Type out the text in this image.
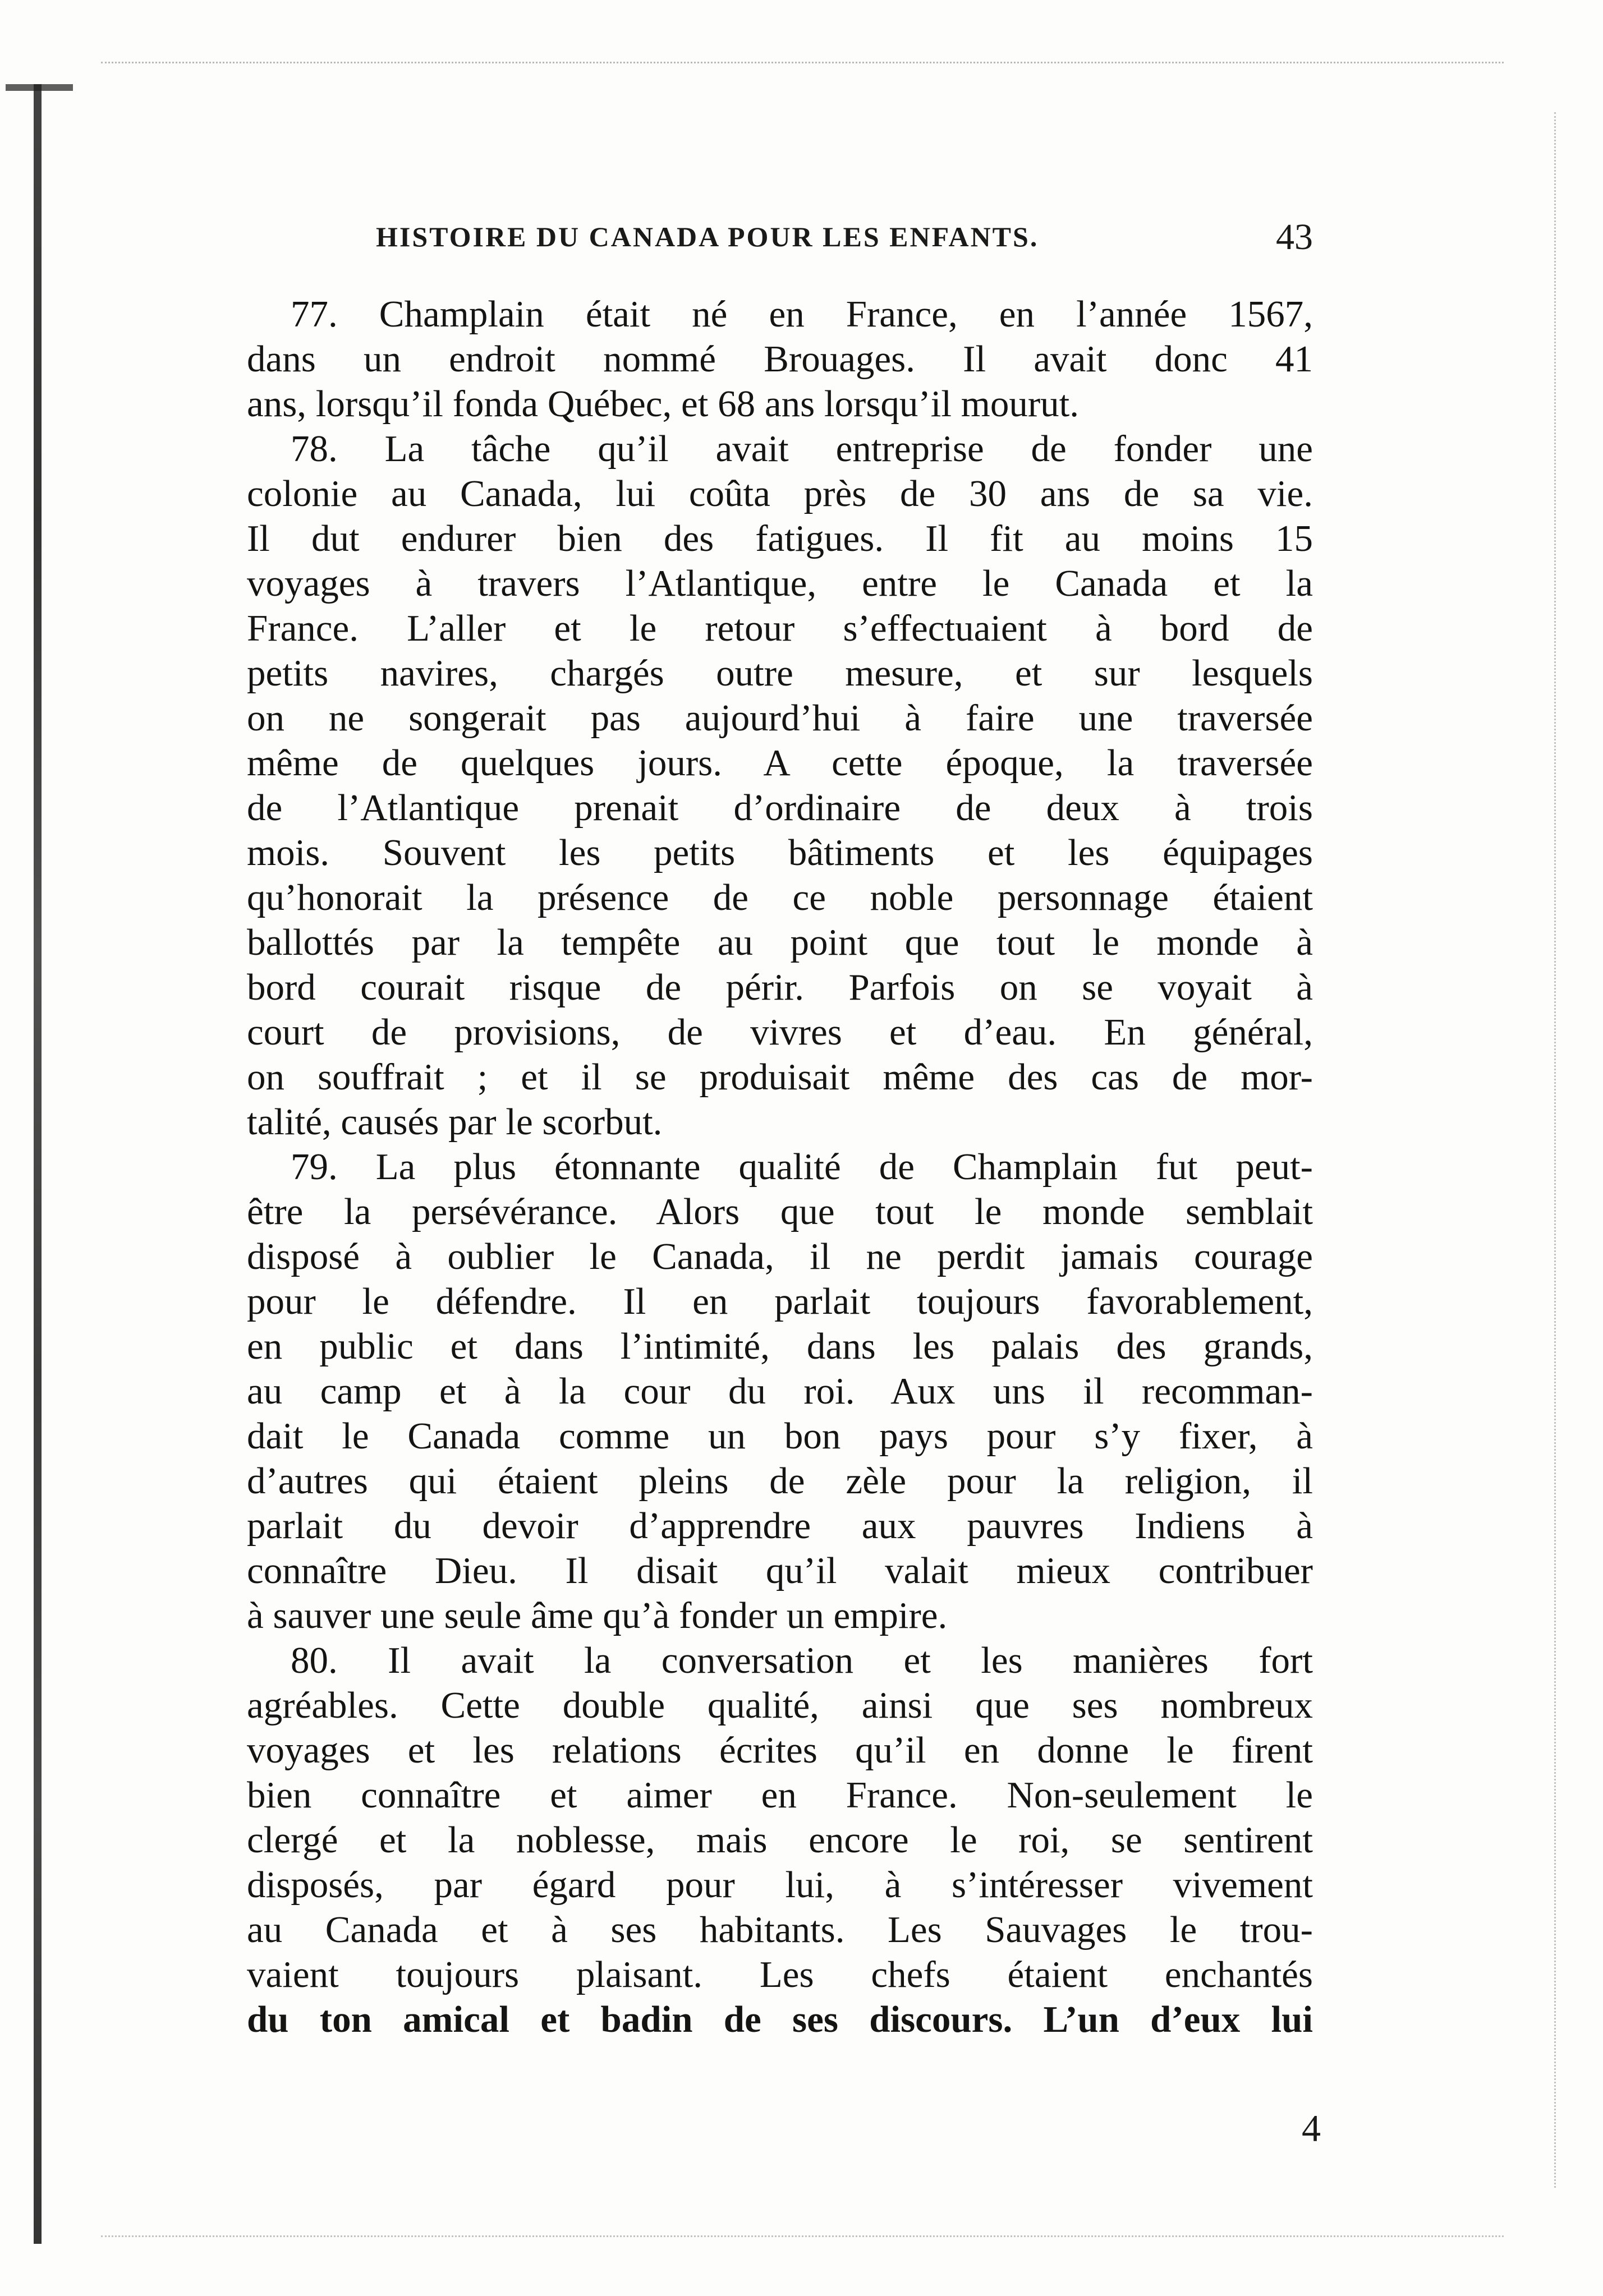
HISTOIRE DU CANADA POUR LES ENFANTS.	43

77. Champlain était né en France, en l’année 1567,

dans un endroit nommé Brouages. Il avait donc 41

ans, lorsqu’il fonda Québec, et 68 ans lorsqu’il mourut.

78. La tâche qu’il avait entreprise de fonder une

colonie au Canada, lui coûta près de 30 ans de sa vie.

Il dut endurer bien des fatigues. Il fit au moins 15

voyages à travers l’Atlantique, entre le Canada et la

France. L’aller et le retour s’effectuaient à bord de

petits navires, chargés outre mesure, et sur lesquels

on ne songerait pas aujourd’hui à faire une traversée

même de quelques jours. A cette époque, la traversée

de l’Atlantique prenait d’ordinaire de deux à trois

mois. Souvent les petits bâtiments et les équipages

qu’honorait la présence de ce noble personnage étaient

ballottés par la tempête au point que tout le monde à

bord courait risque de périr. Parfois on se voyait à

court de provisions, de vivres et d’eau. En général,

on souffrait ; et il se produisait même des cas de mor-

talité, causés par le scorbut.

79. La plus étonnante qualité de Champlain fut peut-

être la persévérance. Alors que tout le monde semblait

disposé à oublier le Canada, il ne perdit jamais courage

pour le défendre. Il en parlait toujours favorablement,

en public et dans l’intimité, dans les palais des grands,

au camp et à la cour du roi. Aux uns il recomman-

dait le Canada comme un bon pays pour s’y fixer, à

d’autres qui étaient pleins de zèle pour la religion, il

parlait du devoir d’apprendre aux pauvres Indiens à

connaître Dieu. Il disait qu’il valait mieux contribuer

à sauver une seule âme qu’à fonder un empire.

80. Il avait la conversation et les manières fort

agréables. Cette double qualité, ainsi que ses nombreux

voyages et les relations écrites qu’il en donne le firent

bien connaître et aimer en France. Non-seulement le

clergé et la noblesse, mais encore le roi, se sentirent

disposés, par égard pour lui, à s’intéresser vivement

au Canada et à ses habitants. Les Sauvages le trou-

vaient toujours plaisant. Les chefs étaient enchantés

du ton amical et badin de ses discours. L’un d’eux lui

4
